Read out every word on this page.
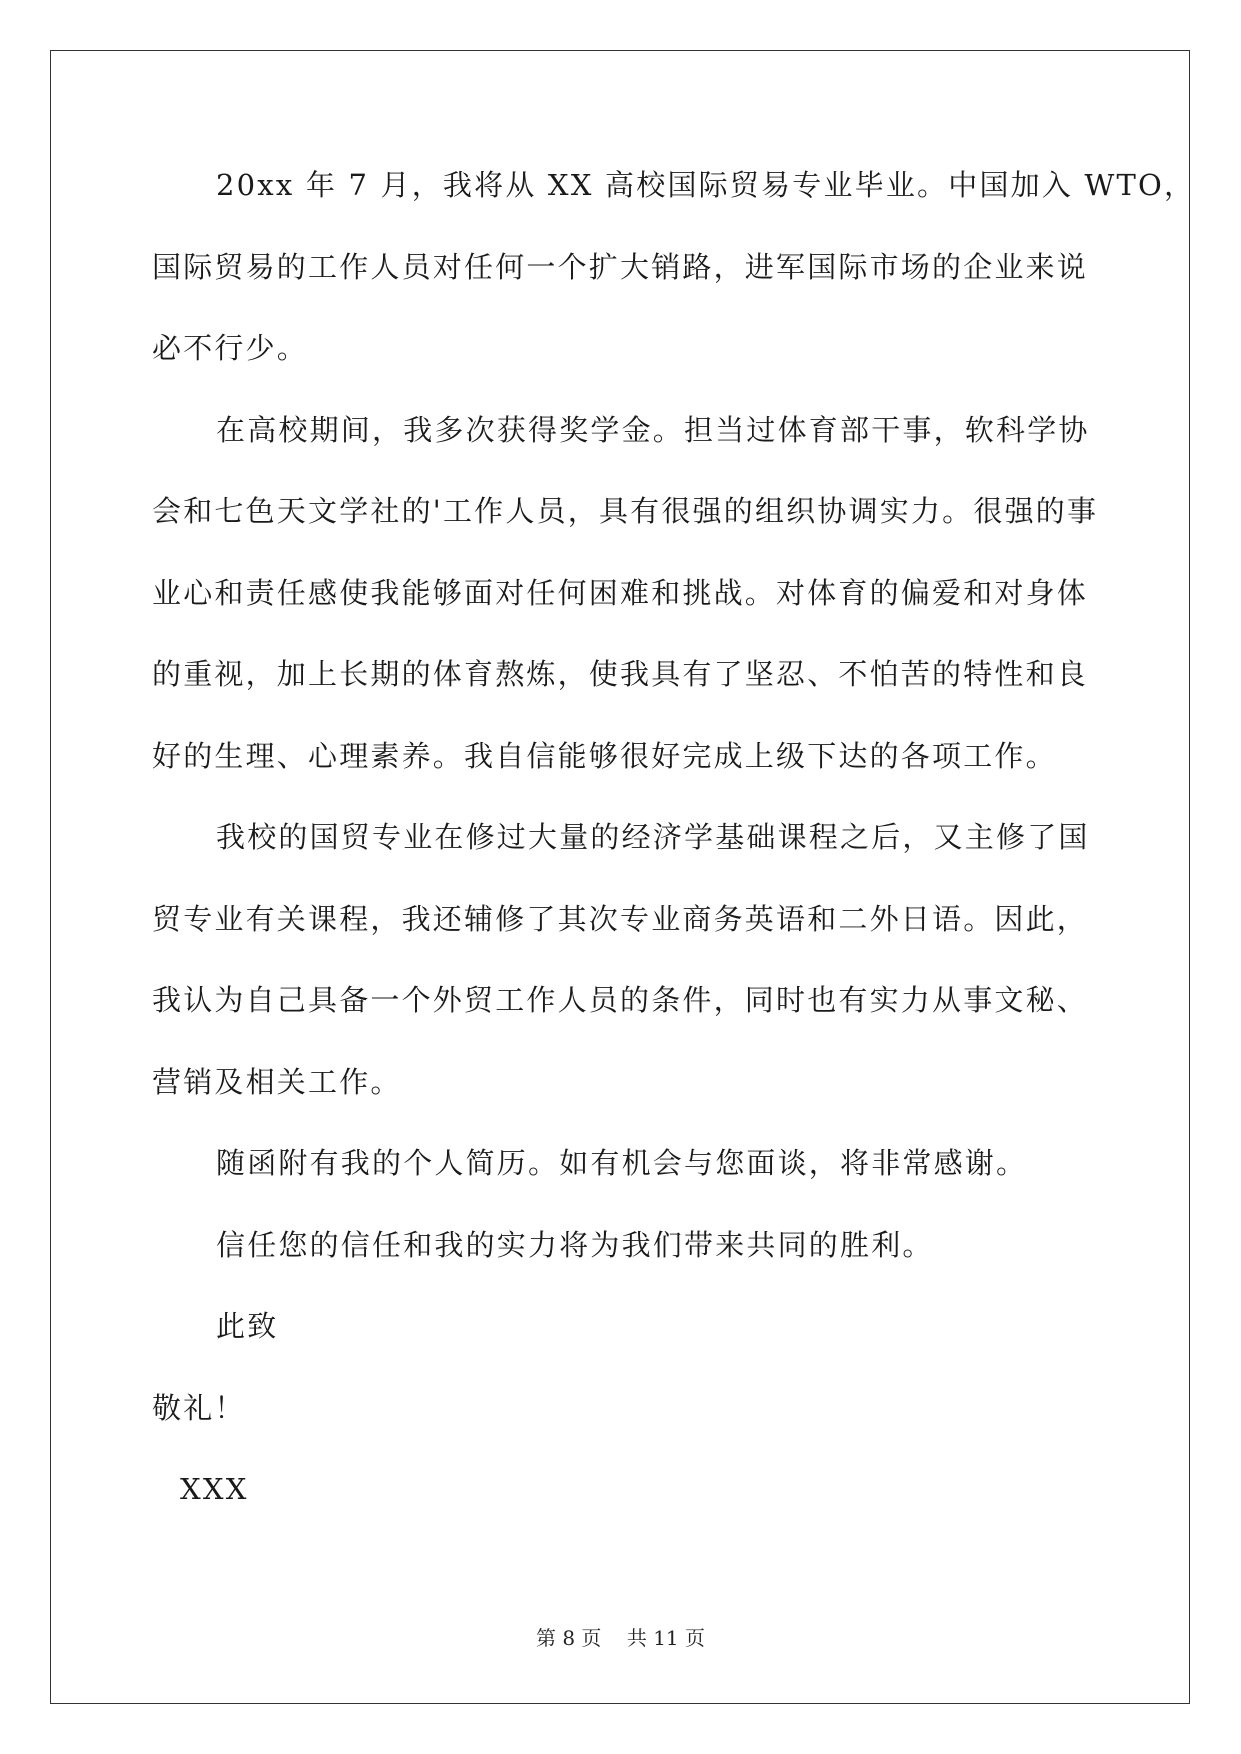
20xx 年 7 月，我将从 XX 高校国际贸易专业毕业。中国加入 WTO，
国际贸易的工作人员对任何一个扩大销路，进军国际市场的企业来说
必不行少。
在高校期间，我多次获得奖学金。担当过体育部干事，软科学协
会和七色天文学社的'工作人员，具有很强的组织协调实力。很强的事
业心和责任感使我能够面对任何困难和挑战。对体育的偏爱和对身体
的重视，加上长期的体育熬炼，使我具有了坚忍、不怕苦的特性和良
好的生理、心理素养。我自信能够很好完成上级下达的各项工作。
我校的国贸专业在修过大量的经济学基础课程之后，又主修了国
贸专业有关课程，我还辅修了其次专业商务英语和二外日语。因此，
我认为自己具备一个外贸工作人员的条件，同时也有实力从事文秘、
营销及相关工作。
随函附有我的个人简历。如有机会与您面谈，将非常感谢。
信任您的信任和我的实力将为我们带来共同的胜利。
此致
敬礼！
XXX
第 8 页    共 11 页
